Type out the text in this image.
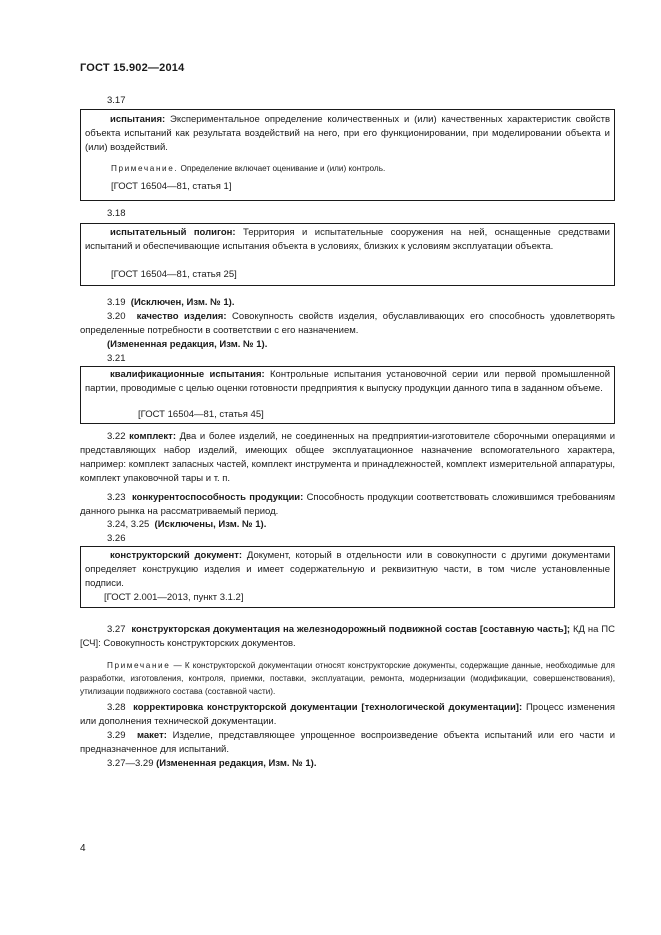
ГОСТ 15.902—2014
3.17
испытания: Экспериментальное определение количественных и (или) качественных характеристик свойств объекта испытаний как результата воздействий на него, при его функционировании, при моделировании объекта и (или) воздействий.
Примечание. Определение включает оценивание и (или) контроль.
[ГОСТ 16504—81, статья 1]
3.18
испытательный полигон: Территория и испытательные сооружения на ней, оснащенные средствами испытаний и обеспечивающие испытания объекта в условиях, близких к условиям эксплуатации объекта.
[ГОСТ 16504—81, статья 25]
3.19 (Исключен, Изм. № 1).
3.20 качество изделия: Совокупность свойств изделия, обуславливающих его способность удовлетворять определенные потребности в соответствии с его назначением.
(Измененная редакция, Изм. № 1).
3.21
квалификационные испытания: Контрольные испытания установочной серии или первой промышленной партии, проводимые с целью оценки готовности предприятия к выпуску продукции данного типа в заданном объеме.
[ГОСТ 16504—81, статья 45]
3.22 комплект: Два и более изделий, не соединенных на предприятии-изготовителе сборочными операциями и представляющих набор изделий, имеющих общее эксплуатационное назначение вспомогательного характера, например: комплект запасных частей, комплект инструмента и принадлежностей, комплект измерительной аппаратуры, комплект упаковочной тары и т. п.
3.23 конкурентоспособность продукции: Способность продукции соответствовать сложившимся требованиям данного рынка на рассматриваемый период.
3.24, 3.25 (Исключены, Изм. № 1).
3.26
конструкторский документ: Документ, который в отдельности или в совокупности с другими документами определяет конструкцию изделия и имеет содержательную и реквизитную части, в том числе установленные подписи.
[ГОСТ 2.001—2013, пункт 3.1.2]
3.27 конструкторская документация на железнодорожный подвижной состав [составную часть]; КД на ПС [СЧ]: Совокупность конструкторских документов.
Примечание — К конструкторской документации относят конструкторские документы, содержащие данные, необходимые для разработки, изготовления, контроля, приемки, поставки, эксплуатации, ремонта, модернизации (модификации, совершенствования), утилизации подвижного состава (составной части).
3.28 корректировка конструкторской документации [технологической документации]: Процесс изменения или дополнения технической документации.
3.29 макет: Изделие, представляющее упрощенное воспроизведение объекта испытаний или его части и предназначенное для испытаний.
3.27—3.29 (Измененная редакция, Изм. № 1).
4
